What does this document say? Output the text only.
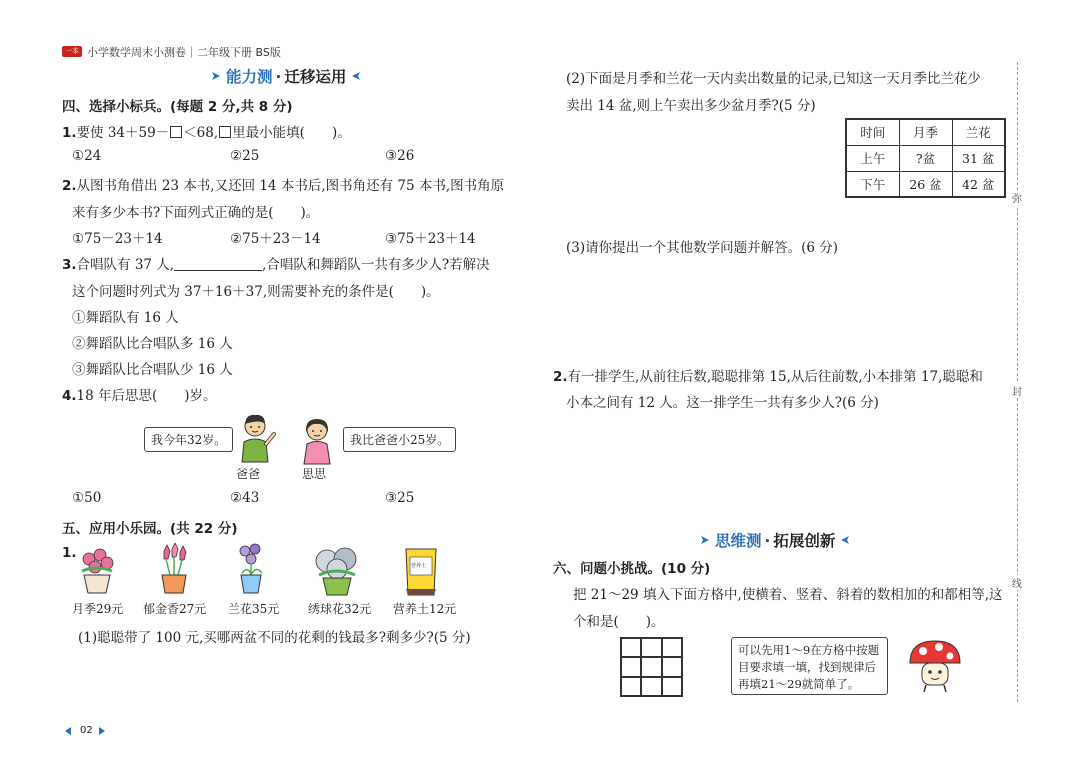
一本 小学数学周末小测卷｜二年级下册 BS版
能力测 · 迁移运用
四、选择小标兵。(每题 2 分,共 8 分)
1.要使 34＋59－ ＜68, 里最小能填(　　)。
①24	②25	③26
2.从图书角借出 23 本书,又还回 14 本书后,图书角还有 75 本书,图书角原
来有多少本书?下面列式正确的是(　　)。
①75－23＋14	②75＋23－14	③75＋23＋14
3.合唱队有 37 人,	,合唱队和舞蹈队一共有多少人?若解决
这个问题时列式为 37＋16＋37,则需要补充的条件是(　　)。
①舞蹈队有 16 人
②舞蹈队比合唱队多 16 人
③舞蹈队比合唱队少 16 人
4.18 年后思思(　　)岁。
我今年32岁。
爸爸
我比爸爸小25岁。
思思
①50	②43	③25
五、应用小乐园。(共 22 分)
1.
月季29元 郁金香27元 兰花35元 绣球花32元
营养土
营养土12元
(1)聪聪带了 100 元,买哪两盆不同的花剩的钱最多?剩多少?(5 分)
(2)下面是月季和兰花一天内卖出数量的记录,已知这一天月季比兰花少
卖出 14 盆,则上午卖出多少盆月季?(5 分)
时间	月季	兰花
上午	?盆	31 盆
下午	26 盆	42 盆
(3)请你提出一个其他数学问题并解答。(6 分)
2.有一排学生,从前往后数,聪聪排第 15,从后往前数,小本排第 17,聪聪和
小本之间有 12 人。这一排学生一共有多少人?(6 分)
思维测 · 拓展创新
六、问题小挑战。(10 分)
把 21～29 填入下面方格中,使横着、竖着、斜着的数相加的和都相等,这
个和是(　　)。
可以先用1～9在方格中按题目要求填一填，找到规律后再填21～29就简单了。
弥
封
线
02
